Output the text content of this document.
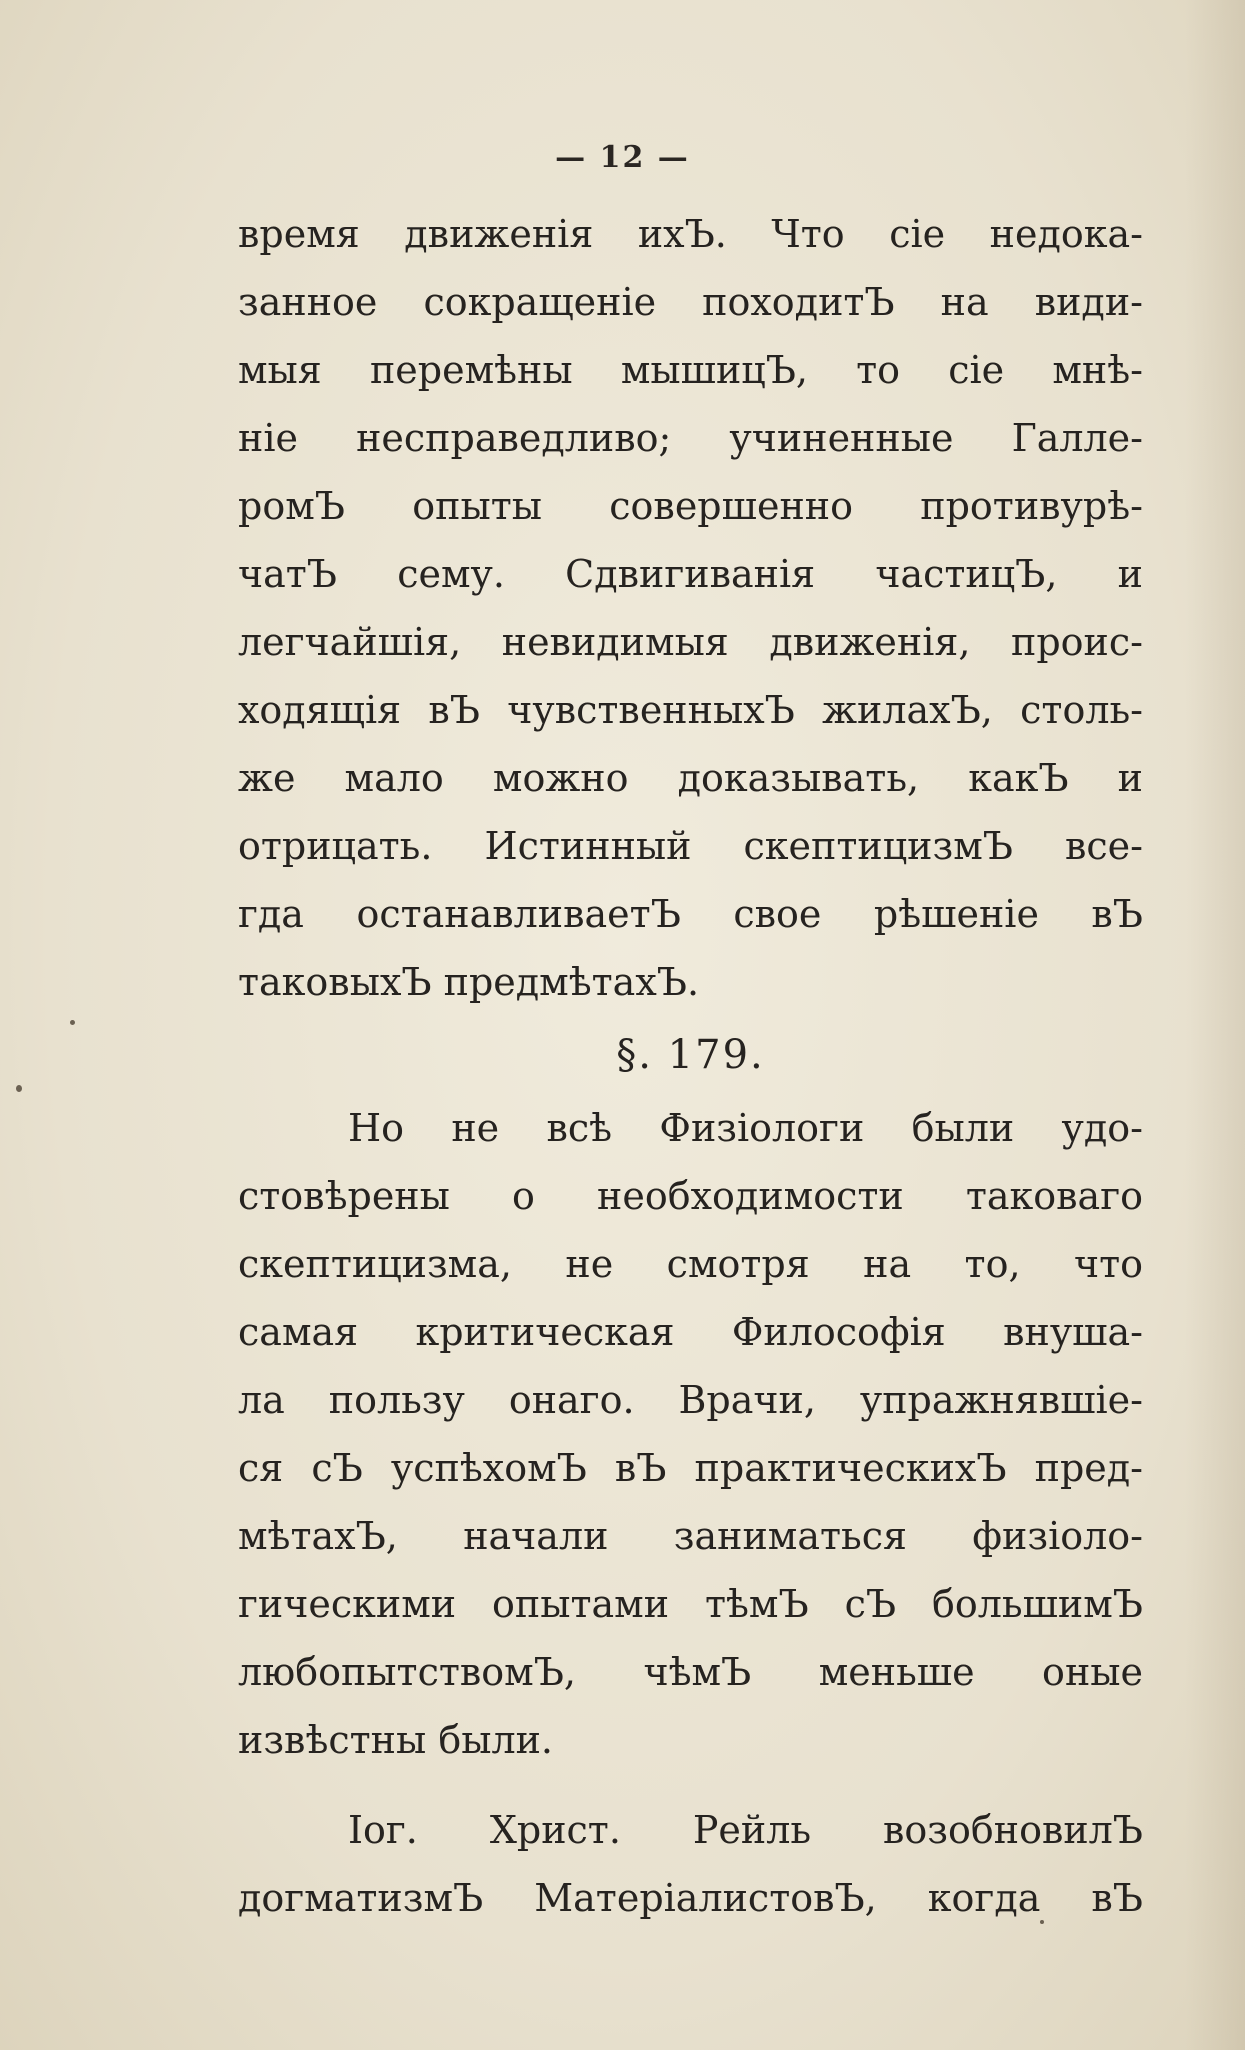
— 12 —
время движенія ихЪ. Что сіе недока-
занное сокращеніе походитЪ на види-
мыя перемѣны мышицЪ, то сіе мнѣ-
ніе несправедливо; учиненные Галле-
ромЪ опыты совершенно противурѣ-
чатЪ сему. Сдвигиванія частицЪ, и
легчайшія, невидимыя движенія, проис-
ходящія вЪ чувственныхЪ жилахЪ, столь-
же мало можно доказывать, какЪ и
отрицать. Истинный скептицизмЪ все-
гда останавливаетЪ свое рѣшеніе вЪ
таковыхЪ предмѣтахЪ.
§. 179.
Но не всѣ Физіологи были удо-
стовѣрены о необходимости таковаго
скептицизма, не смотря на то, что
самая критическая Философія внуша-
ла пользу онаго. Врачи, упражнявшіе-
ся сЪ успѣхомЪ вЪ практическихЪ пред-
мѣтахЪ, начали заниматься физіоло-
гическими опытами тѣмЪ сЪ большимЪ
любопытствомЪ, чѣмЪ меньше оные
извѣстны были.
Іог. Христ. Рейль возобновилЪ
догматизмЪ МатеріалистовЪ, когда вЪ
